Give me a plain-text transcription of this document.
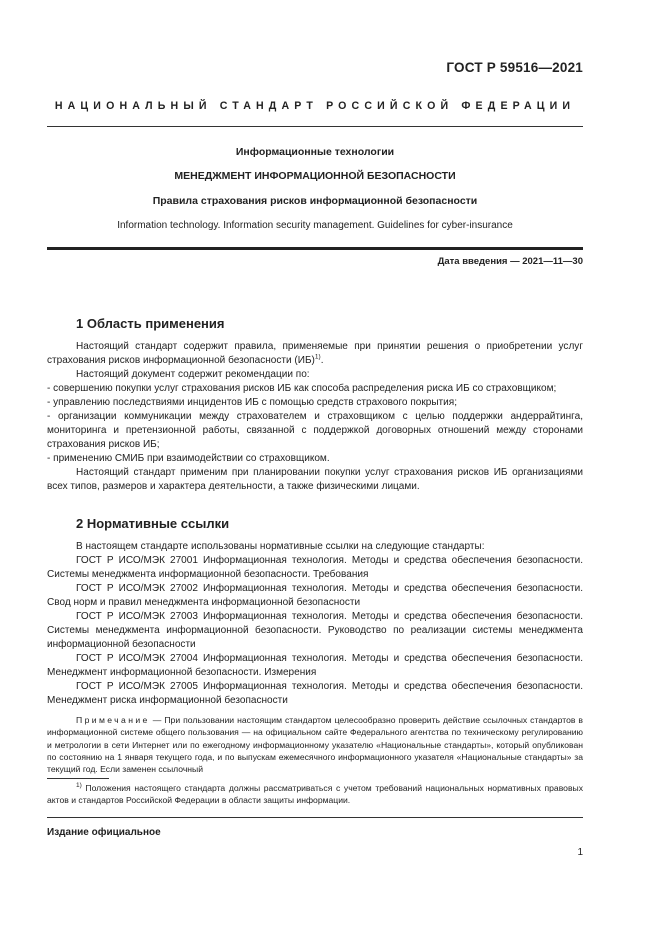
ГОСТ Р 59516—2021
НАЦИОНАЛЬНЫЙ СТАНДАРТ РОССИЙСКОЙ ФЕДЕРАЦИИ
Информационные технологии
МЕНЕДЖМЕНТ ИНФОРМАЦИОННОЙ БЕЗОПАСНОСТИ
Правила страхования рисков информационной безопасности
Information technology. Information security management. Guidelines for cyber-insurance
Дата введения — 2021—11—30
1 Область применения

Настоящий стандарт содержит правила, применяемые при принятии решения о приобретении услуг страхования рисков информационной безопасности (ИБ)$^{1)}$.

Настоящий документ содержит рекомендации по:

- совершению покупки услуг страхования рисков ИБ как способа распределения риска ИБ со страховщиком;

- управлению последствиями инцидентов ИБ с помощью средств страхового покрытия;

- организации коммуникации между страхователем и страховщиком с целью поддержки андеррайтинга, мониторинга и претензионной работы, связанной с поддержкой договорных отношений между сторонами страхования рисков ИБ;

- применению СМИБ при взаимодействии со страховщиком.

Настоящий стандарт применим при планировании покупки услуг страхования рисков ИБ организациями всех типов, размеров и характера деятельности, а также физическими лицами.

2 Нормативные ссылки

В настоящем стандарте использованы нормативные ссылки на следующие стандарты:

ГОСТ Р ИСО/МЭК 27001 Информационная технология. Методы и средства обеспечения безопасности. Системы менеджмента информационной безопасности. Требования

ГОСТ Р ИСО/МЭК 27002 Информационная технология. Методы и средства обеспечения безопасности. Свод норм и правил менеджмента информационной безопасности

ГОСТ Р ИСО/МЭК 27003 Информационная технология. Методы и средства обеспечения безопасности. Системы менеджмента информационной безопасности. Руководство по реализации системы менеджмента информационной безопасности

ГОСТ Р ИСО/МЭК 27004 Информационная технология. Методы и средства обеспечения безопасности. Менеджмент информационной безопасности. Измерения

ГОСТ Р ИСО/МЭК 27005 Информационная технология. Методы и средства обеспечения безопасности. Менеджмент риска информационной безопасности

Примечание — При пользовании настоящим стандартом целесообразно проверить действие ссылочных стандартов в информационной системе общего пользования — на официальном сайте Федерального агентства по техническому регулированию и метрологии в сети Интернет или по ежегодному информационному указателю «Национальные стандарты», который опубликован по состоянию на 1 января текущего года, и по выпускам ежемесячного информационного указателя «Национальные стандарты» за текущий год. Если заменен ссылочный

$^{1)}$ Положения настоящего стандарта должны рассматриваться с учетом требований национальных нормативных правовых актов и стандартов Российской Федерации в области защиты информации.

Издание официальное
1
